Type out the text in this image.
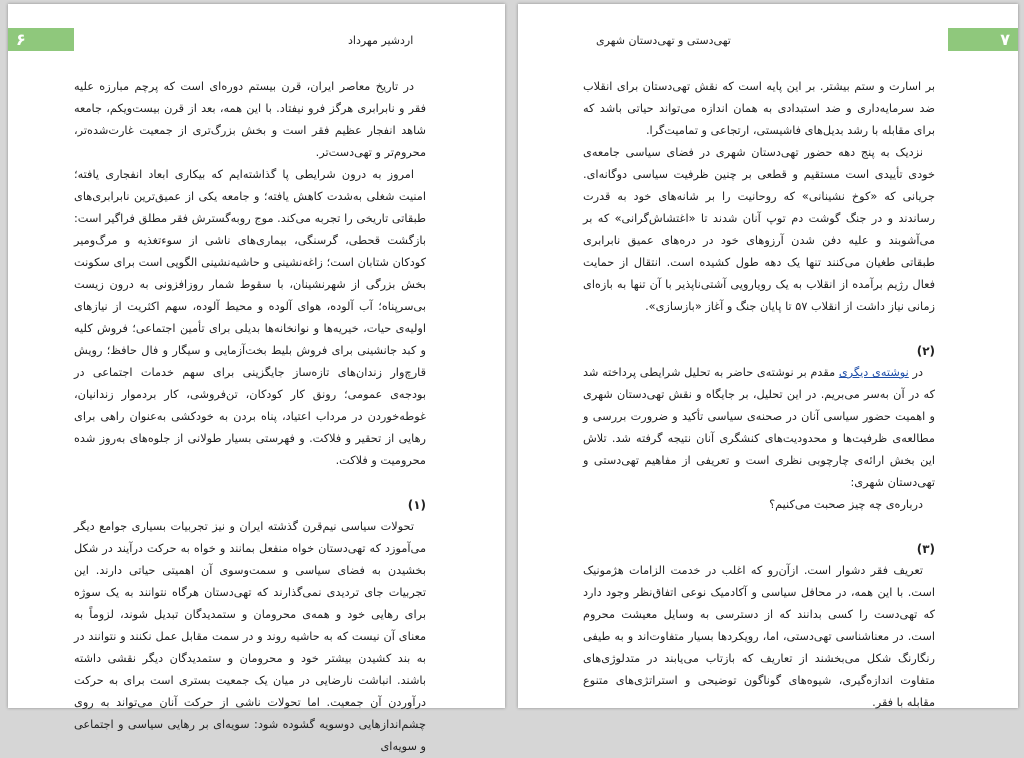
۶	اردشیر مهرداد

در تاریخ معاصر ایران، قرن بیستم دوره‌ای است که پرچم مبارزه علیه فقر و نابرابری هرگز فرو نیفتاد. با این همه، بعد از قرن بیست‌ویکم، جامعه شاهد انفجار عظیم فقر است و بخش بزرگ‌تری از جمعیت غارت‌شده‌تر، محروم‌تر و تهی‌دست‌تر.

امروز به درون شرایطی پا گذاشته‌ایم که بیکاری ابعاد انفجاری یافته؛ امنیت شغلی به‌شدت کاهش یافته؛ و جامعه یکی از عمیق‌ترین نابرابری‌های طبقاتی تاریخی را تجربه می‌کند. موج روبه‌گسترش فقر مطلق فراگیر است: بازگشت قحطی، گرسنگی، بیماری‌های ناشی از سوءتغذیه و مرگ‌ومیر کودکان شتابان است؛ زاغه‌نشینی و حاشیه‌نشینی الگویی است برای سکونت بخش بزرگی از شهرنشینان، با سقوط شمار روزافزونی به درون زیست بی‌سرپناه؛ آب آلوده، هوای آلوده و محیط آلوده، سهم اکثریت از نیازهای اولیه‌ی حیات، خیریه‌ها و نوانخانه‌ها بدیلی برای تأمین اجتماعی؛ فروش کلیه و کبد جانشینی برای فروش بلیط بخت‌آزمایی و سیگار و فال حافظ؛ رویش قارچ‌وار زندان‌های تازه‌ساز جایگزینی برای سهم خدمات اجتماعی در بودجه‌ی عمومی؛ رونق کار کودکان، تن‌فروشی، کار بردموار زندانیان، غوطه‌خوردن در مرداب اعتیاد، پناه بردن به خودکشی به‌عنوان راهی برای رهایی از تحقیر و فلاکت. و فهرستی بسیار طولانی از جلوه‌های به‌روز شده محرومیت و فلاکت.

(۱)

تحولات سیاسی نیم‌قرن گذشته ایران و نیز تجربیات بسیاری جوامع دیگر می‌آموزد که تهی‌دستان خواه منفعل بمانند و خواه به حرکت درآیند در شکل بخشیدن به فضای سیاسی و سمت‌وسوی آن اهمیتی حیاتی دارند. این تجربیات جای تردیدی نمی‌گذارند که تهی‌دستان هرگاه نتوانند به یک سوژه برای رهایی خود و همه‌ی محرومان و ستمدیدگان تبدیل شوند، لزوماً به معنای آن نیست که به حاشیه روند و در سمت مقابل عمل نکنند و نتوانند در به بند کشیدن بیشتر خود و محرومان و ستمدیدگان دیگر نقشی داشته باشند. انباشت نارضایی در میان یک جمعیت بستری است برای به حرکت درآوردن آن جمعیت. اما تحولات ناشی از حرکت آنان می‌تواند به روی چشم‌اندازهایی دوسویه گشوده شود: سویه‌ای بر رهایی سیاسی و اجتماعی و سویه‌ای

۷
تهی‌دستی و تهی‌دستان شهری

بر اسارت و ستم بیشتر. بر این پایه است که نقش تهی‌دستان برای انقلاب ضد سرمایه‌داری و ضد استبدادی به همان اندازه می‌تواند حیاتی باشد که برای مقابله با رشد بدیل‌های فاشیستی، ارتجاعی و تمامیت‌گرا.

نزدیک به پنج دهه حضور تهی‌دستان شهری در فضای سیاسی جامعه‌ی خودی تأییدی است مستقیم و قطعی بر چنین ظرفیت سیاسی دوگانه‌ای. جریانی که «کوخ نشینانی» که روحانیت را بر شانه‌های خود به قدرت رساندند و در جنگ گوشت دم توپ آنان شدند تا «اغتشاش‌گرانی» که بر می‌آشوبند و علیه دفن شدن آرزوهای خود در دره‌های عمیق نابرابری طبقاتی طغیان می‌کنند تنها یک دهه طول کشیده است. انتقال از حمایت فعال رژیم برآمده از انقلاب به یک رویارویی آشتی‌ناپذیر با آن تنها به بازه‌ای زمانی نیاز داشت از انقلاب ۵۷ تا پایان جنگ و آغاز «بازسازی».

(۲)

در نوشته‌ی دیگری مقدم بر نوشته‌ی حاضر به تحلیل شرایطی پرداخته شد که در آن به‌سر می‌بریم. در این تحلیل، بر جایگاه و نقش تهی‌دستان شهری و اهمیت حضور سیاسی آنان در صحنه‌ی سیاسی تأکید و ضرورت بررسی و مطالعه‌ی ظرفیت‌ها و محدودیت‌های کنشگری آنان نتیجه گرفته شد. تلاش این بخش ارائه‌ی چارچوبی نظری است و تعریفی از مفاهیم تهی‌دستی و تهی‌دستان شهری:

درباره‌ی چه چیز صحبت می‌کنیم؟

(۳)

تعریف فقر دشوار است. ازآن‌رو که اغلب در خدمت الزامات هژمونیک است. با این همه، در محافل سیاسی و آکادمیک نوعی اتفاق‌نظر وجود دارد که تهی‌دست را کسی بدانند که از دسترسی به وسایل معیشت محروم است. در معناشناسی تهی‌دستی، اما، رویکردها بسیار متفاوت‌اند و به طیفی رنگارنگ شکل می‌بخشند از تعاریف که بازتاب می‌یابند در متدلوژی‌های متفاوت اندازه‌گیری، شیوه‌های گوناگون توضیحی و استراتژی‌های متنوع مقابله با فقر.
